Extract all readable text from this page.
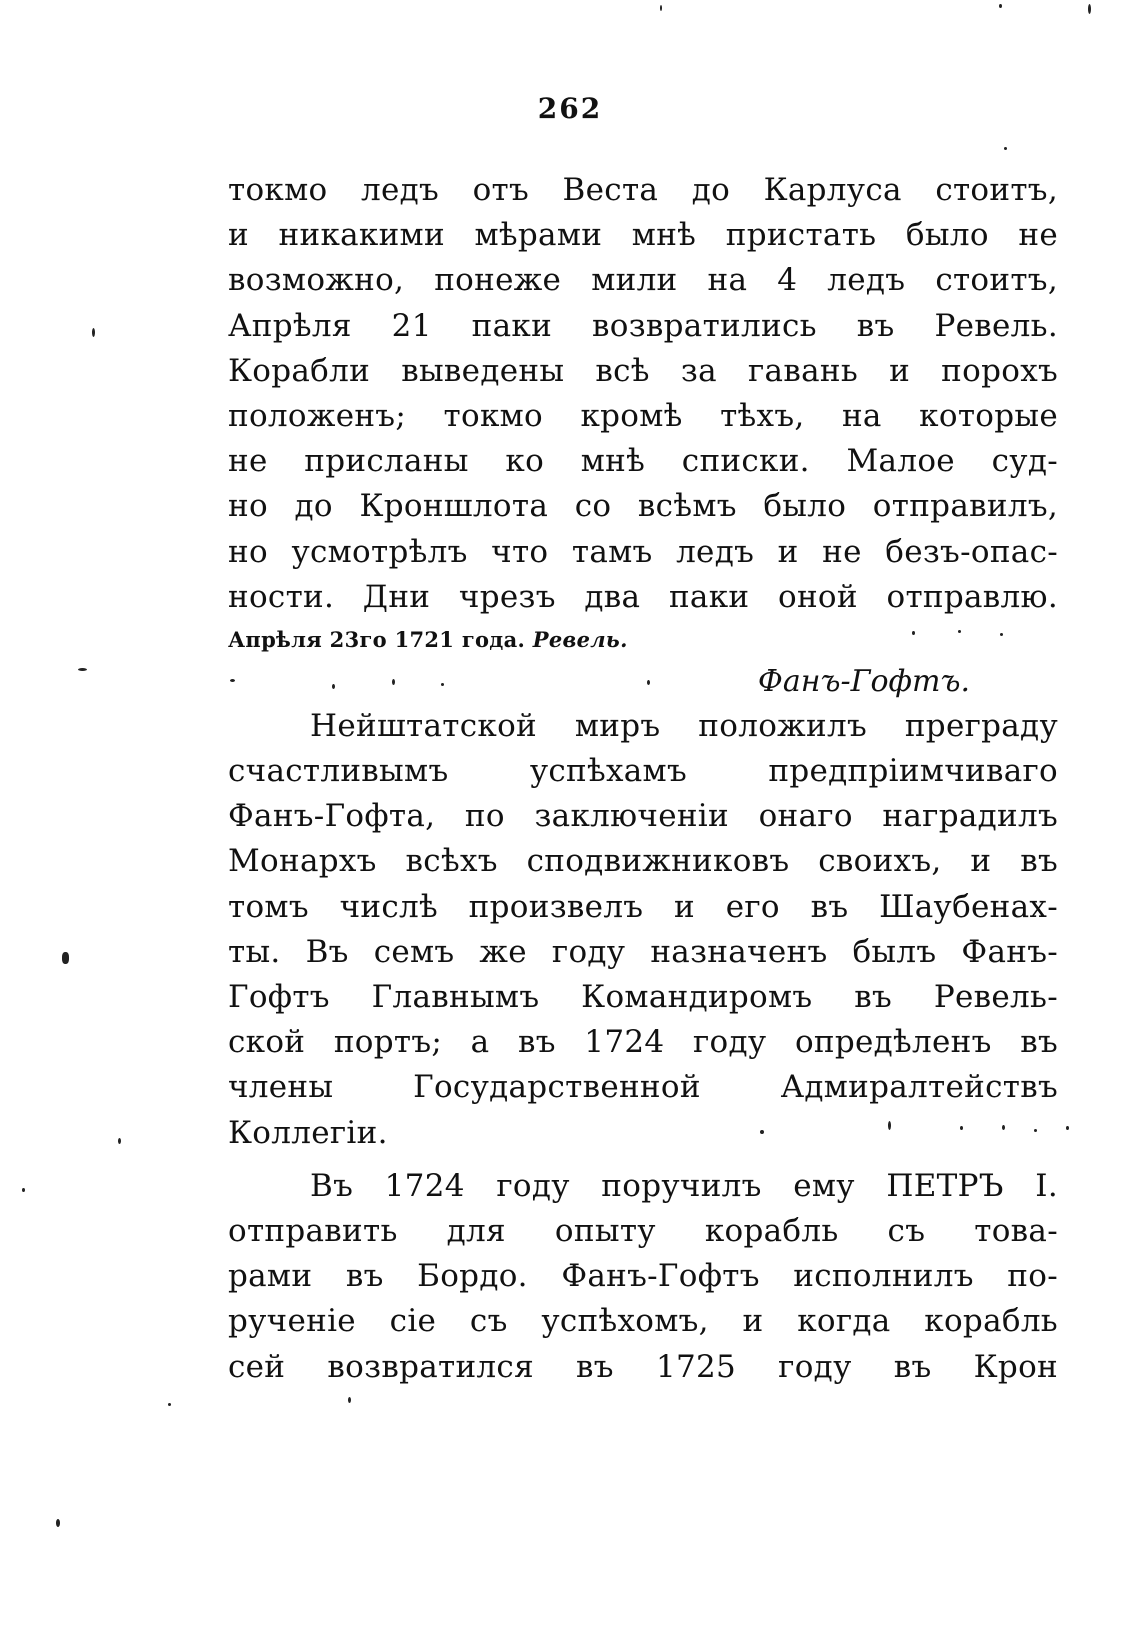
262
токмо ледъ отъ Веста до Карлуса стоитъ,
и никакими мѣрами мнѣ пристать было не
возможно, понеже мили на 4 ледъ стоитъ,
Апрѣля 21 паки возвратились въ Ревель.
Корабли выведены всѣ за гавань и порохъ
положенъ; токмо кромѣ тѣхъ, на которые
не присланы ко мнѣ списки. Малое суд-
но до Кроншлота со всѣмъ было отправилъ,
но усмотрѣлъ что тамъ ледъ и не безъ-опас-
ности. Дни чрезъ два паки оной отправлю.
Апрѣля 23го 1721 года. Ревель.
Фанъ-Гофтъ.
Нейштатской миръ положилъ преграду
счастливымъ успѣхамъ предпріимчиваго
Фанъ-Гофта, по заключеніи онаго наградилъ
Монархъ всѣхъ сподвижниковъ своихъ, и въ
томъ числѣ произвелъ и его въ Шаубенах-
ты. Въ семъ же году назначенъ былъ Фанъ-
Гофтъ Главнымъ Командиромъ въ Ревель-
ской портъ; а въ 1724 году опредѣленъ въ
члены Государственной Адмиралтействъ
Коллегіи.
Въ 1724 году поручилъ ему ПЕТРЪ I.
отправить для опыту корабль съ това-
рами въ Бордо. Фанъ-Гофтъ исполнилъ по-
рученіе сіе съ успѣхомъ, и когда корабль
сей возвратился въ 1725 году въ Крон
